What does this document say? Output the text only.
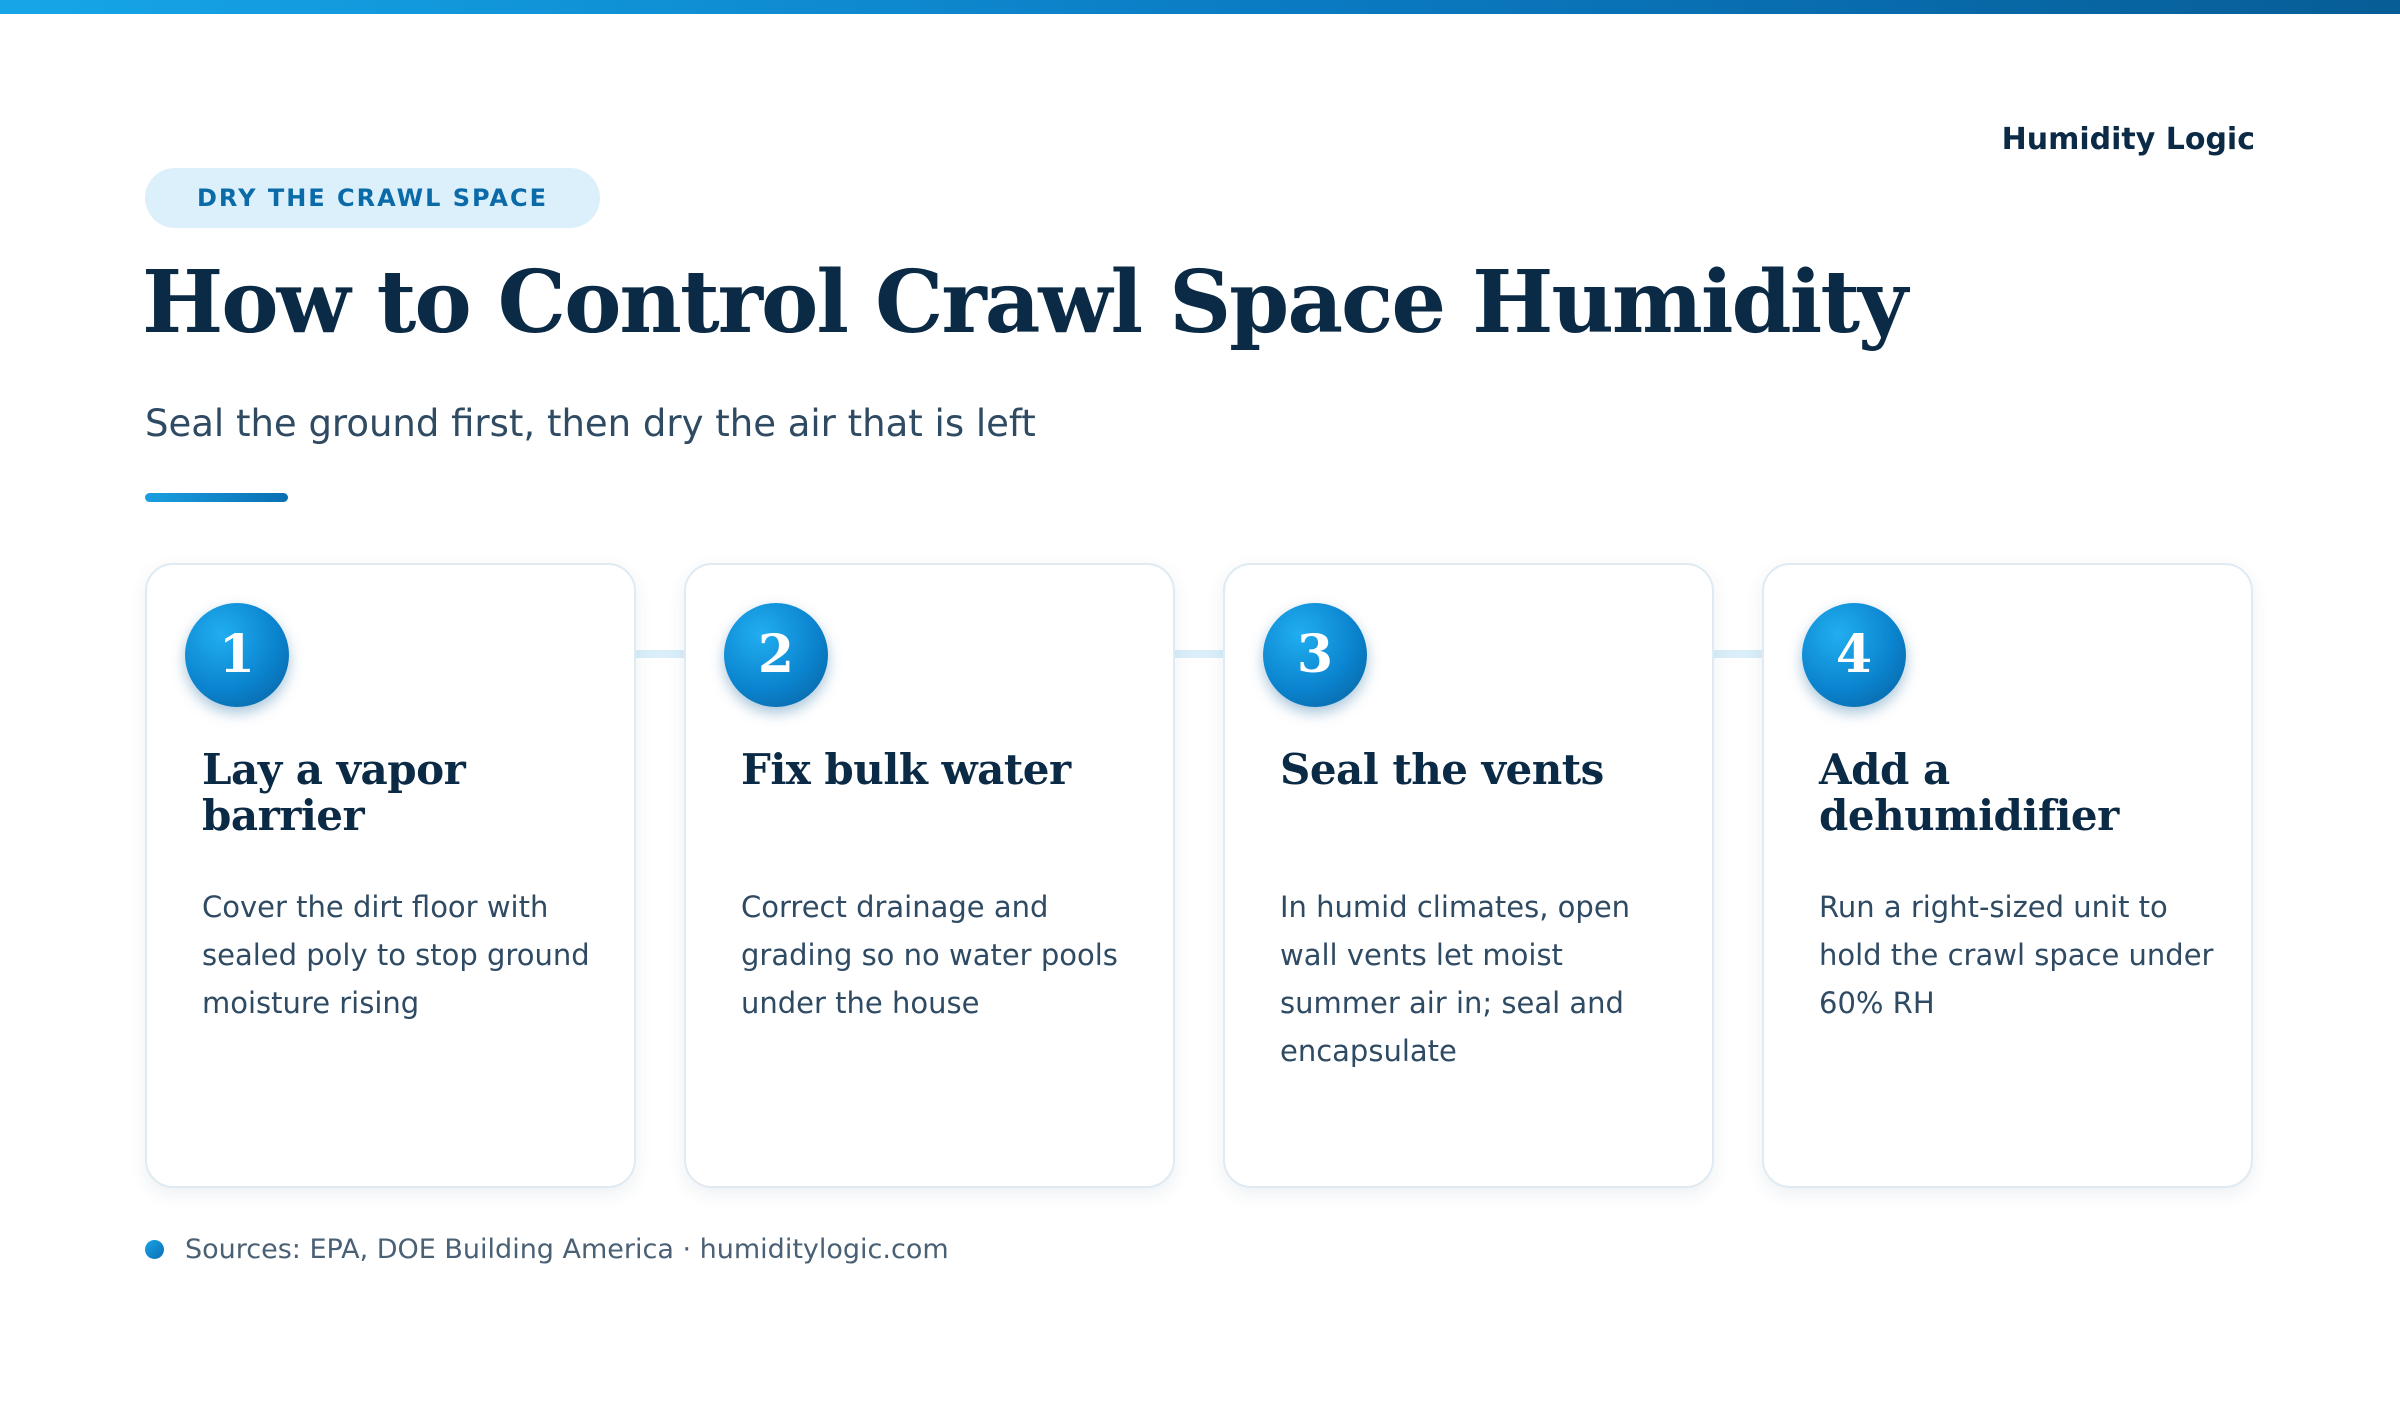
Humidity Logic
DRY THE CRAWL SPACE
How to Control Crawl Space Humidity

Seal the ground first, then dry the air that is left

1
Lay a vapor barrier

Cover the dirt floor with sealed poly to stop ground moisture rising

2
Fix bulk water

Correct drainage and grading so no water pools under the house

3
Seal the vents

In humid climates, open wall vents let moist summer air in; seal and encapsulate

4
Add a dehumidifier

Run a right-sized unit to hold the crawl space under 60% RH

Sources: EPA, DOE Building America · humiditylogic.com
